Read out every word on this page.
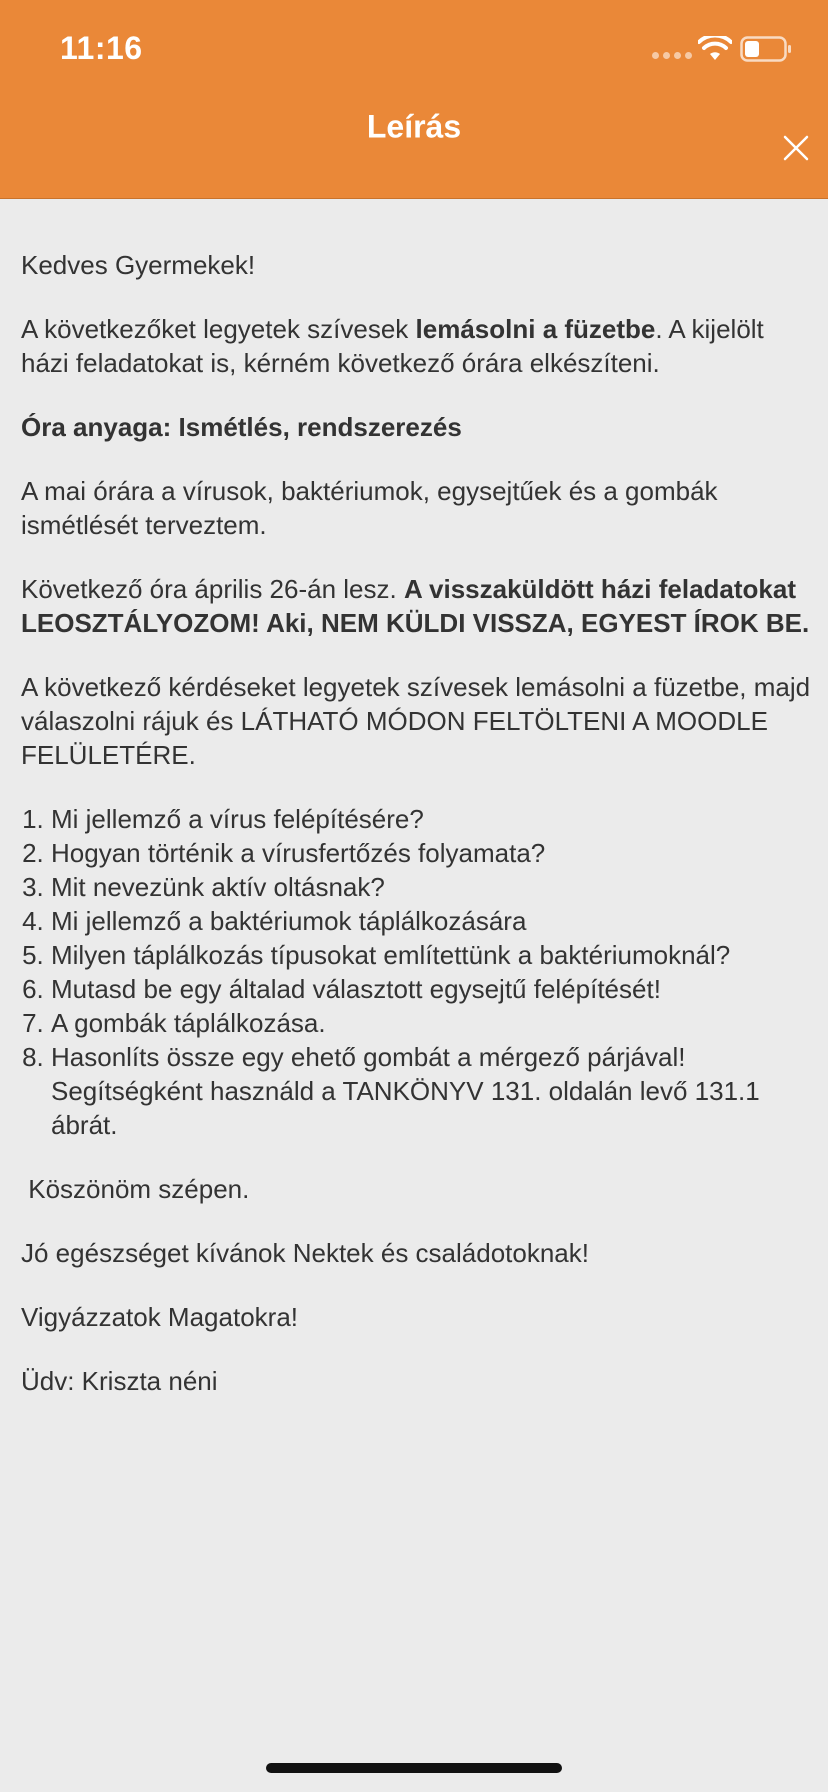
11:16
Leírás

Kedves Gyermekek!

A következőket legyetek szívesek lemásolni a füzetbe. A kijelölt házi feladatokat is, kérném következő órára elkészíteni.

Óra anyaga: Ismétlés, rendszerezés

A mai órára a vírusok, baktériumok, egysejtűek és a gombák ismétlését terveztem.

Következő óra április 26-án lesz. A visszaküldött házi feladatokat LEOSZTÁLYOZOM! Aki, NEM KÜLDI VISSZA, EGYEST ÍROK BE.

A következő kérdéseket legyetek szívesek lemásolni a füzetbe, majd válaszolni rájuk és LÁTHATÓ MÓDON FELTÖLTENI A MOODLE FELÜLETÉRE.

1. Mi jellemző a vírus felépítésére?
2. Hogyan történik a vírusfertőzés folyamata?
3. Mit nevezünk aktív oltásnak?
4. Mi jellemző a baktériumok táplálkozására
5. Milyen táplálkozás típusokat említettünk a baktériumoknál?
6. Mutasd be egy általad választott egysejtű felépítését!
7. A gombák táplálkozása.
8. Hasonlíts össze egy ehető gombát a mérgező párjával! Segítségként használd a TANKÖNYV 131. oldalán levő 131.1 ábrát.

Köszönöm szépen.

Jó egészséget kívánok Nektek és családotoknak!

Vigyázzatok Magatokra!

Üdv: Kriszta néni
